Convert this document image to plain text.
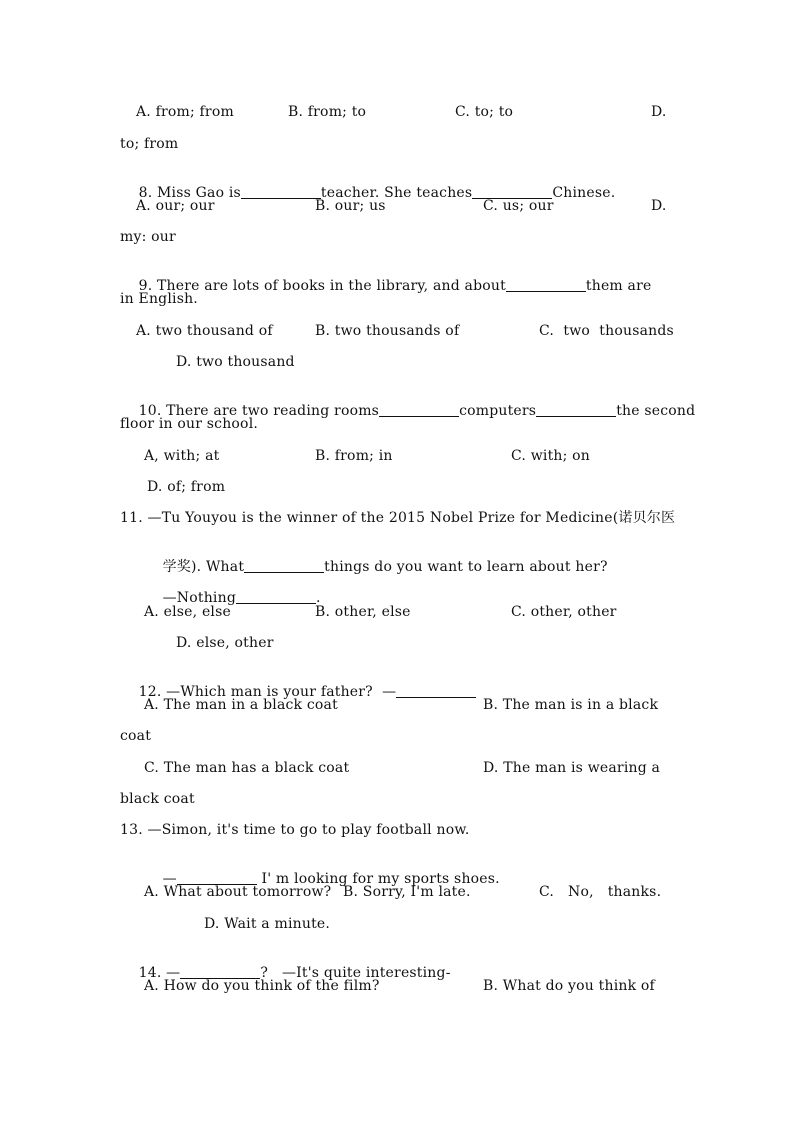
A. from; from	B. from; to	C. to; to	D.
to; from

8. Miss Gao is	teacher. She teaches	Chinese.

A. our; our	B. our; us	C. us; our	D.
my: our

9. There are lots of books in the library, and about	them are

in English.
A. two thousand of	B. two thousands of	C.  two  thousands
D. two thousand

10. There are two reading rooms	computers	the second

floor in our school.
A, with; at	B. from; in	C. with; on
D. of; from
11. —Tu Youyou is the winner of the 2015 Nobel Prize for Medicine(诺贝尔医

学奖). What	things do you want to learn about her?

—Nothing	.

A. else, else	B. other, else	C. other, other
D. else, other

12. —Which man is your father?  —

A. The man in a black coat	B. The man is in a black
coat
C. The man has a black coat	D. The man is wearing a
black coat
13. —Simon, it's time to go to play football now.

—	I' m looking for my sports shoes.

A. What about tomorrow? B. Sorry, I'm late.	C.   No,   thanks.
D. Wait a minute.

14. —	?   —It's quite interesting-

A. How do you think of the film?	B. What do you think of
